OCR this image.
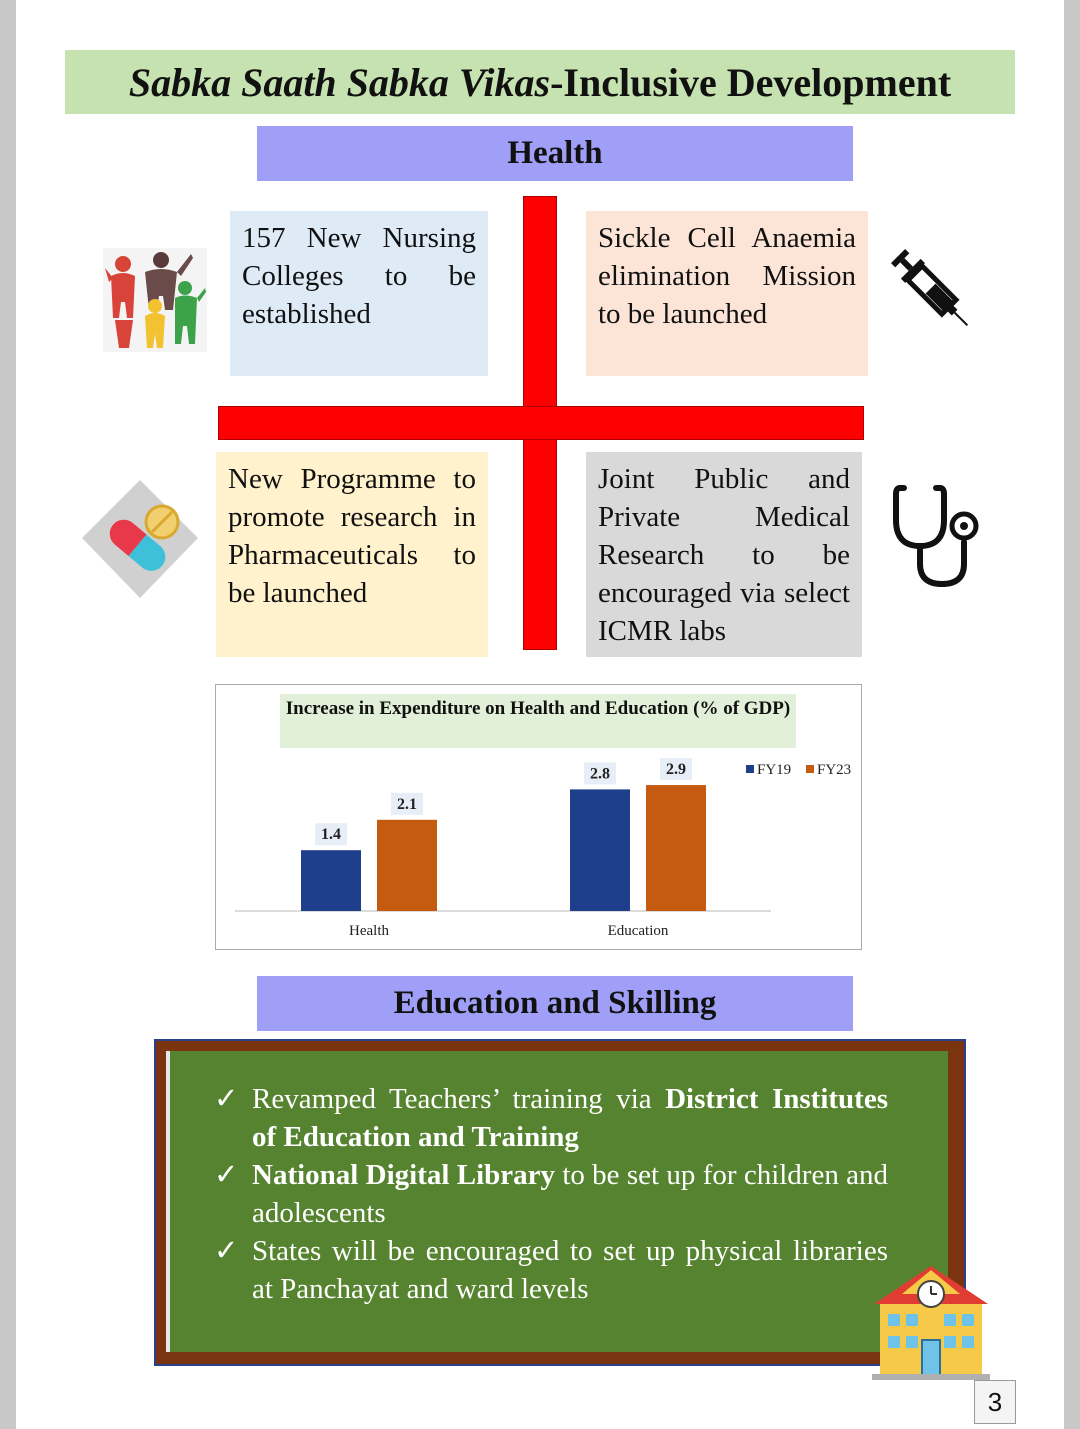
Sabka Saath Sabka Vikas-Inclusive Development
Health

157 New Nursing Colleges to be established

Sickle Cell Anaemia elimination Mission to be launched

New Programme to promote research in Pharmaceuticals to be launched

Joint Public and Private Medical Research to be encouraged via select ICMR labs

Increase in Expenditure on Health and Education (% of GDP)
1.4
2.1
Health
2.8	2.9
Education
FY19 FY23
Education and Skilling
✓ Revamped Teachers’ training via District Institutes of Education and Training
✓ National Digital Library to be set up for children and adolescents
✓ States will be encouraged to set up physical libraries at Panchayat and ward levels
3
